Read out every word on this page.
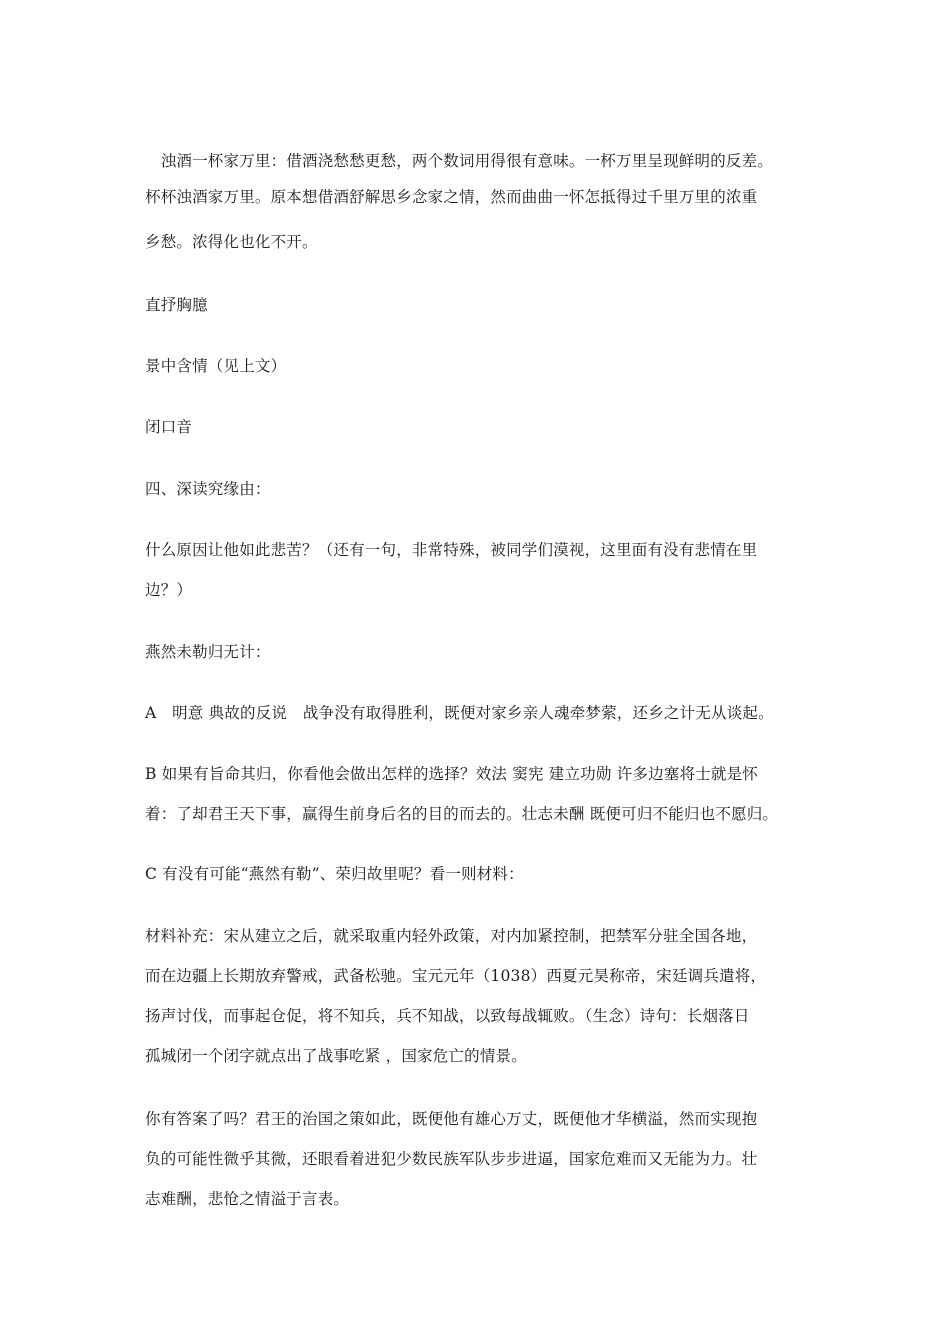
　浊酒一杯家万里：借酒浇愁愁更愁，两个数词用得很有意味。一杯万里呈现鲜明的反差。
杯杯浊酒家万里。原本想借酒舒解思乡念家之情，然而曲曲一怀怎抵得过千里万里的浓重
乡愁。浓得化也化不开。
直抒胸臆
景中含情（见上文）
闭口音
四、深读究缘由：
什么原因让他如此悲苦？（还有一句，非常特殊，被同学们漠视，这里面有没有悲情在里
边？）
燕然未勒归无计：
A　明意 典故的反说　战争没有取得胜利，既便对家乡亲人魂牵梦萦，还乡之计无从谈起。
B 如果有旨命其归，你看他会做出怎样的选择？效法 窦宪 建立功勋 许多边塞将士就是怀
着：了却君王天下事，赢得生前身后名的目的而去的。壮志未酬 既便可归不能归也不愿归。
C 有没有可能“燕然有勒”、荣归故里呢？看一则材料：
材料补充：宋从建立之后，就采取重内轻外政策，对内加紧控制，把禁军分驻全国各地，
而在边疆上长期放弃警戒，武备松驰。宝元元年（1038）西夏元昊称帝，宋廷调兵遣将，
扬声讨伐，而事起仓促，将不知兵，兵不知战，以致每战辄败。（生念）诗句：长烟落日
孤城闭一个闭字就点出了战事吃紧 ，国家危亡的情景。
你有答案了吗？君王的治国之策如此，既便他有雄心万丈，既便他才华横溢，然而实现抱
负的可能性微乎其微，还眼看着进犯少数民族军队步步进逼，国家危难而又无能为力。壮
志难酬，悲怆之情溢于言表。
